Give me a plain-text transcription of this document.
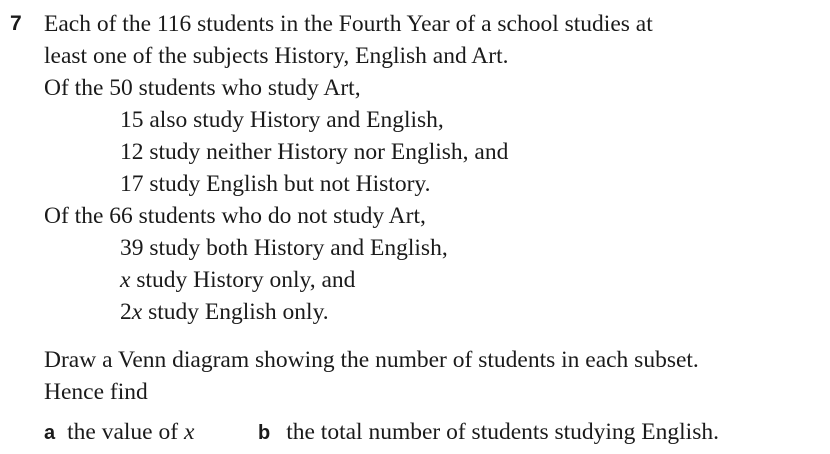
7 Each of the 116 students in the Fourth Year of a school studies at

least one of the subjects History, English and Art.

Of the 50 students who study Art,

15 also study History and English,

12 study neither History nor English, and

17 study English but not History.

Of the 66 students who do not study Art,

39 study both History and English,

x study History only, and

2x study English only.

Draw a Venn diagram showing the number of students in each subset.

Hence find

a the value of x	b the total number of students studying English.
